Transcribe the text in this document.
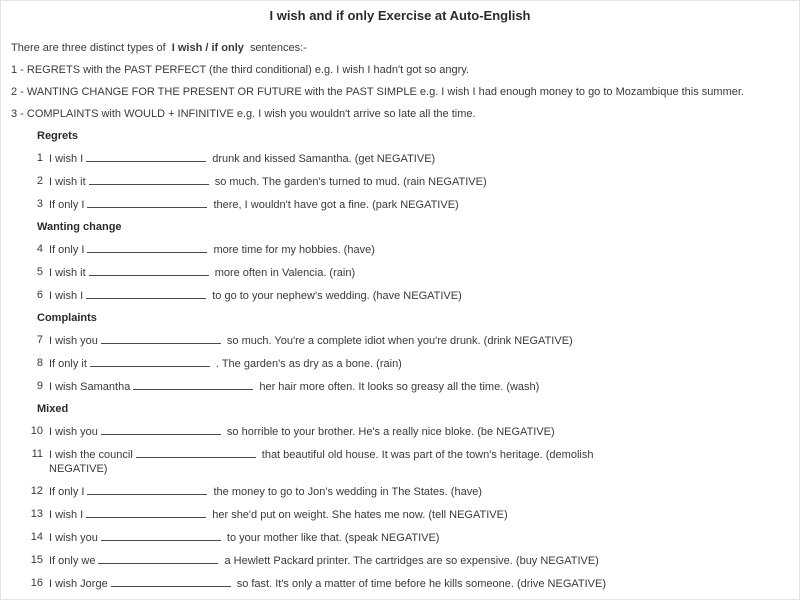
I wish and if only Exercise at Auto-English

There are three distinct types of I wish / if only sentences:-

1 - REGRETS with the PAST PERFECT (the third conditional) e.g. I wish I hadn't got so angry.

2 - WANTING CHANGE FOR THE PRESENT OR FUTURE with the PAST SIMPLE e.g. I wish I had enough money to go to Mozambique this summer.

3 - COMPLAINTS with WOULD + INFINITIVE e.g. I wish you wouldn't arrive so late all the time.

Regrets
1 I wish I	drunk and kissed Samantha. (get NEGATIVE)
2 I wish it	so much. The garden's turned to mud. (rain NEGATIVE)
3 If only I	there, I wouldn't have got a fine. (park NEGATIVE)
Wanting change
4 If only I	more time for my hobbies. (have)
5 I wish it	more often in Valencia. (rain)
6 I wish I	to go to your nephew's wedding. (have NEGATIVE)
Complaints
7 I wish you	so much. You're a complete idiot when you're drunk. (drink NEGATIVE)
8 If only it	. The garden's as dry as a bone. (rain)
9 I wish Samantha	her hair more often. It looks so greasy all the time. (wash)
Mixed
10 I wish you	so horrible to your brother. He's a really nice bloke. (be NEGATIVE)
11 I wish the council	that beautiful old house. It was part of the town's heritage. (demolish
NEGATIVE)
12 If only I	the money to go to Jon's wedding in The States. (have)
13 I wish I	her she'd put on weight. She hates me now. (tell NEGATIVE)
14 I wish you	to your mother like that. (speak NEGATIVE)
15 If only we	a Hewlett Packard printer. The cartridges are so expensive. (buy NEGATIVE)
16 I wish Jorge	so fast. It's only a matter of time before he kills someone. (drive NEGATIVE)
